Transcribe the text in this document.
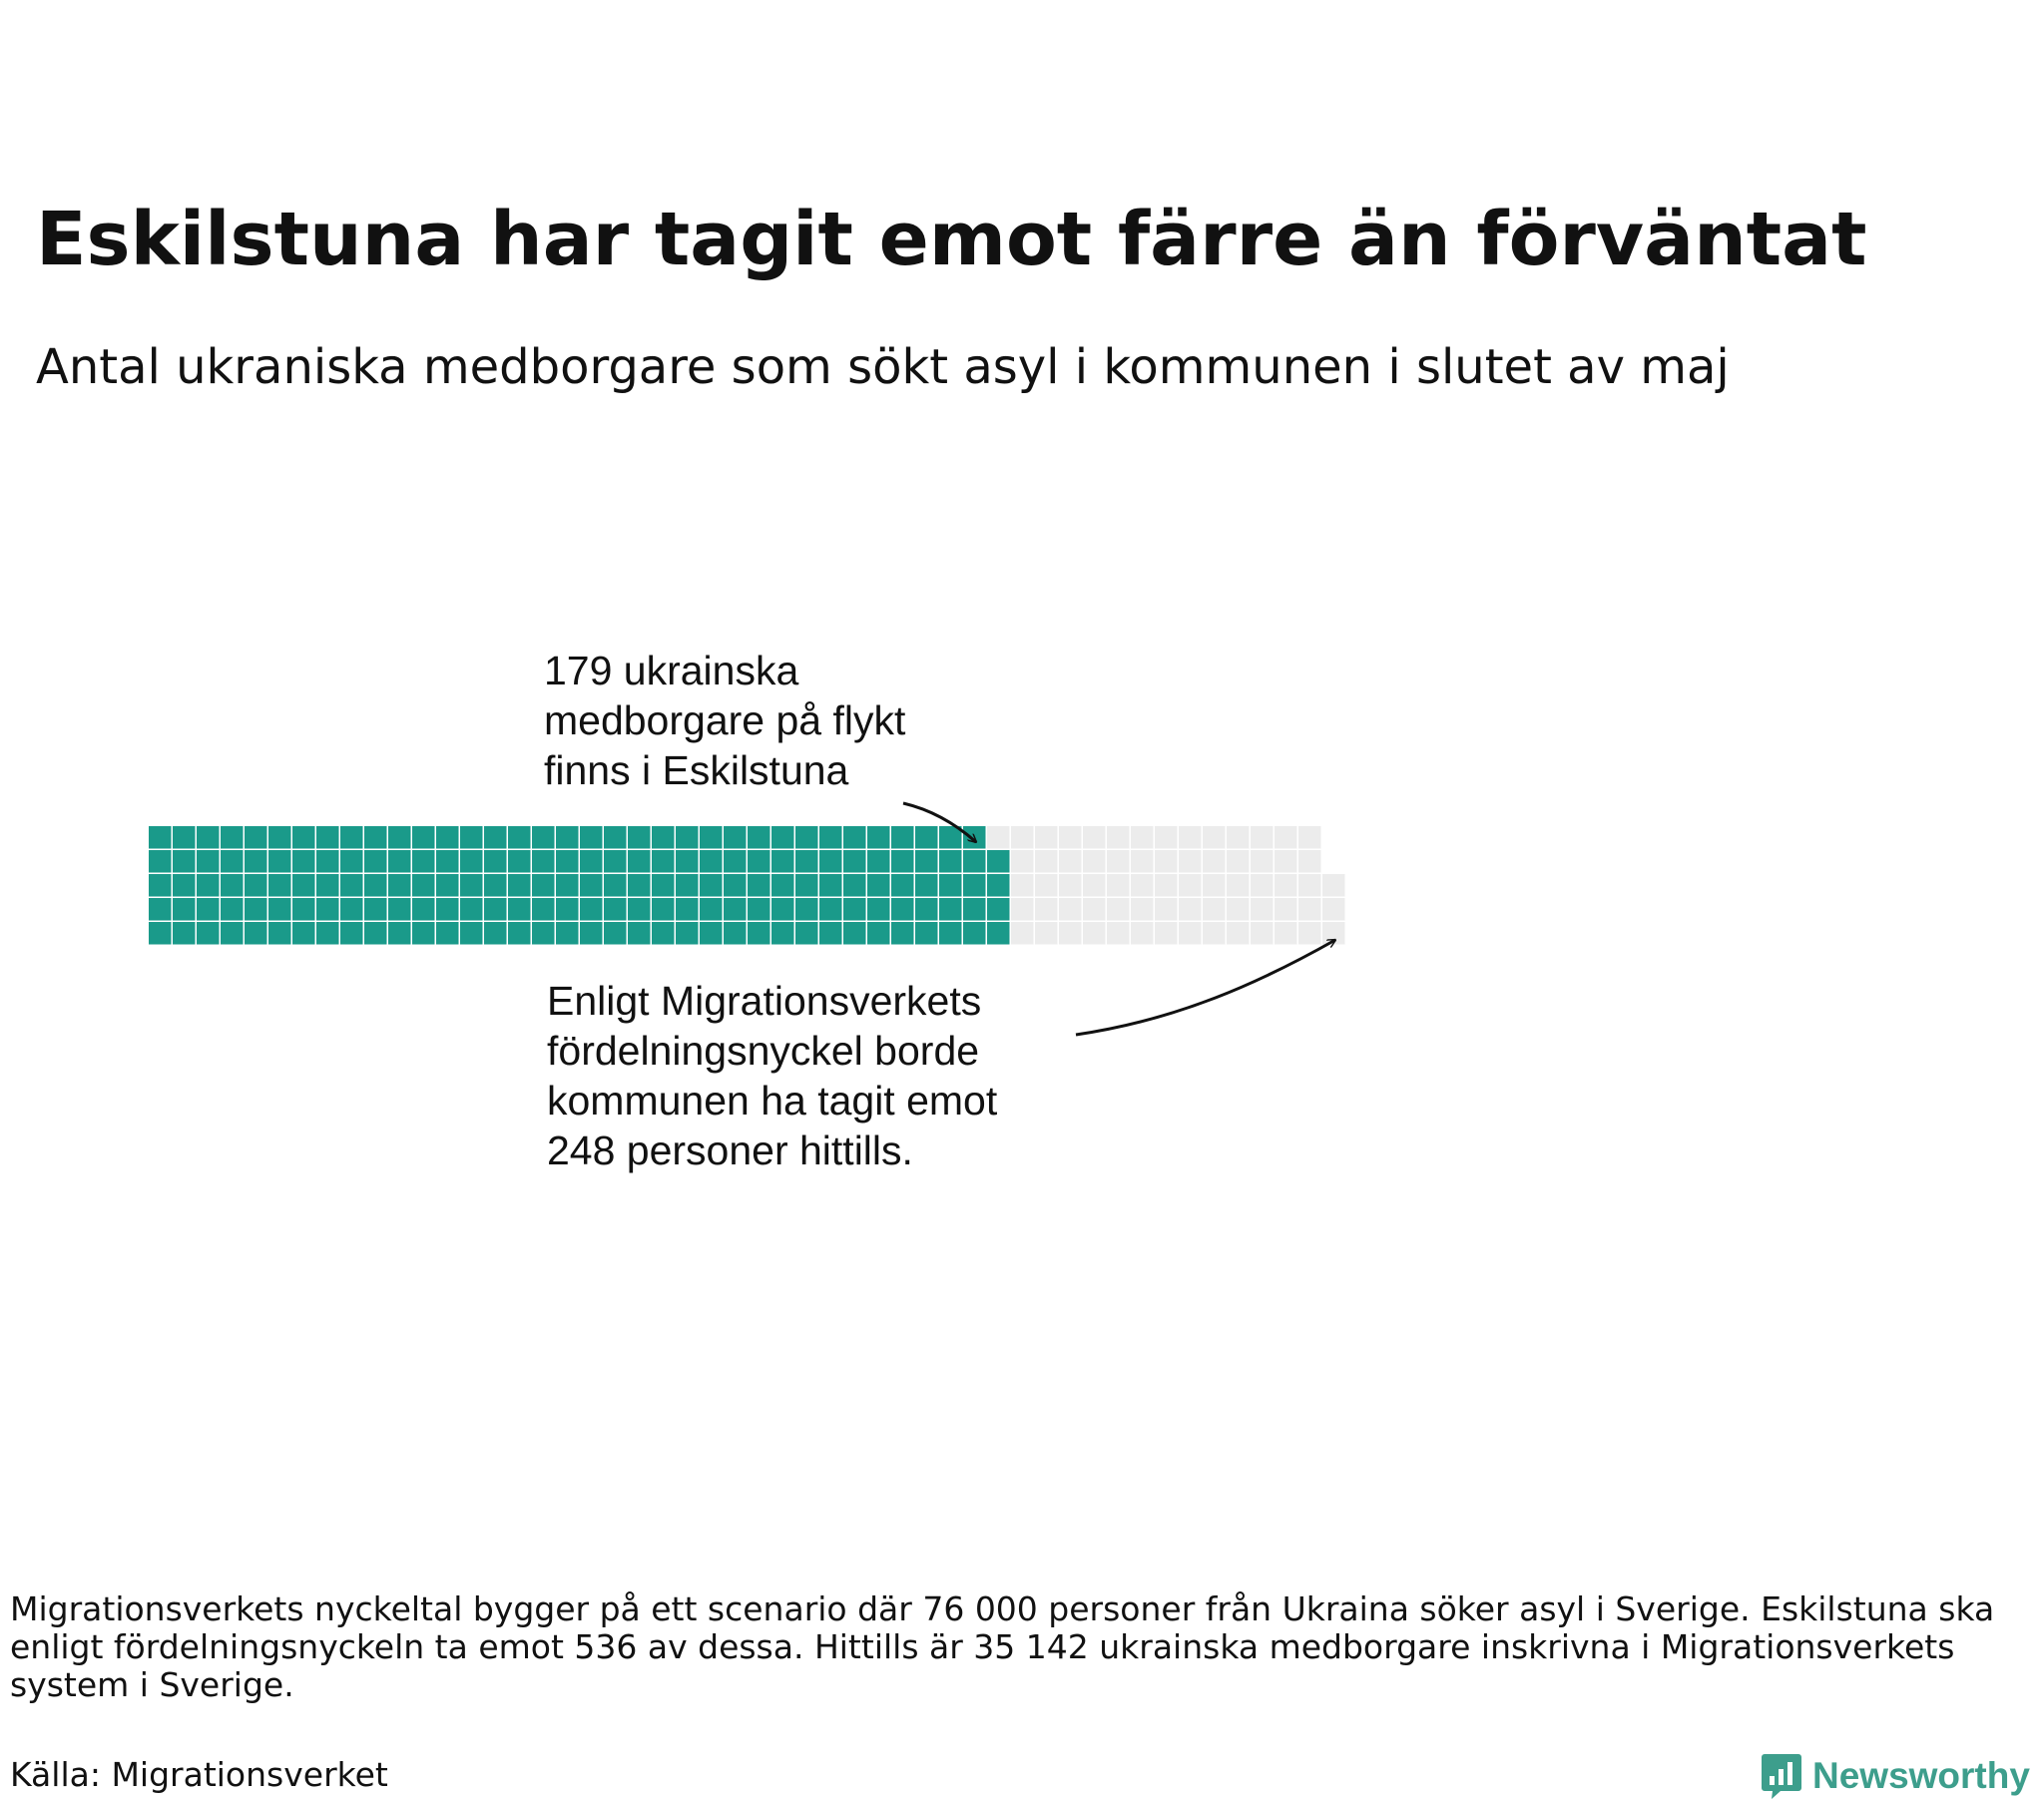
Eskilstuna har tagit emot färre än förväntat
Antal ukraniska medborgare som sökt asyl i kommunen i slutet av maj
179 ukrainska medborgare på flykt finns i Eskilstuna
Enligt Migrationsverkets fördelningsnyckel borde kommunen ha tagit emot 248 personer hittills.
Migrationsverkets nyckeltal bygger på ett scenario där 76 000 personer från Ukraina söker asyl i Sverige. Eskilstuna ska enligt fördelningsnyckeln ta emot 536 av dessa. Hittills är 35 142 ukrainska medborgare inskrivna i Migrationsverkets system i Sverige.
Källa: Migrationsverket	Newsworthy
